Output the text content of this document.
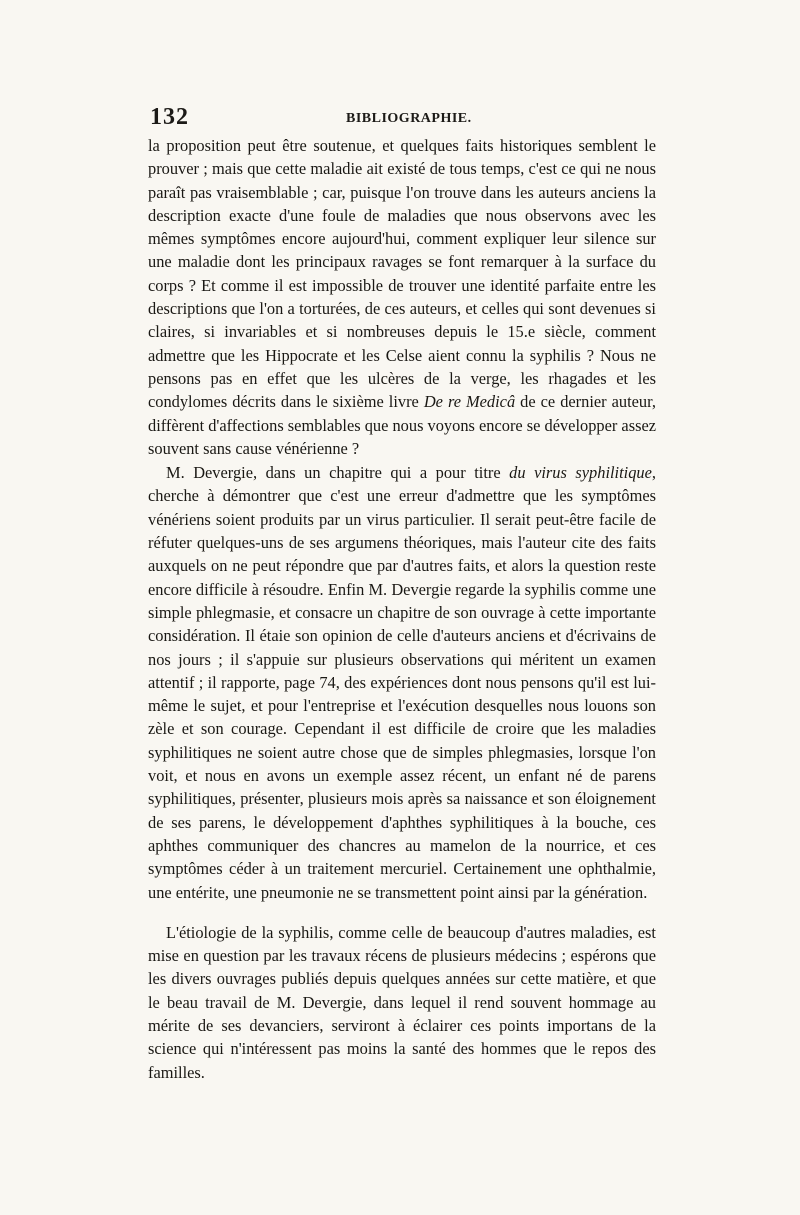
132	BIBLIOGRAPHIE.

la proposition peut être soutenue, et quelques faits historiques semblent le prouver ; mais que cette maladie ait existé de tous temps, c'est ce qui ne nous paraît pas vraisemblable ; car, puisque l'on trouve dans les auteurs anciens la description exacte d'une foule de maladies que nous observons avec les mêmes symptômes encore aujourd'hui, comment expliquer leur silence sur une maladie dont les principaux ravages se font remarquer à la surface du corps ? Et comme il est impossible de trouver une identité parfaite entre les descriptions que l'on a torturées, de ces auteurs, et celles qui sont devenues si claires, si invariables et si nombreuses depuis le 15.e siècle, comment admettre que les Hippocrate et les Celse aient connu la syphilis ? Nous ne pensons pas en effet que les ulcères de la verge, les rhagades et les condylomes décrits dans le sixième livre De re Medicâ de ce dernier auteur, diffèrent d'affections semblables que nous voyons encore se développer assez souvent sans cause vénérienne ?

M. Devergie, dans un chapitre qui a pour titre du virus syphilitique, cherche à démontrer que c'est une erreur d'admettre que les symptômes vénériens soient produits par un virus particulier. Il serait peut-être facile de réfuter quelques-uns de ses argumens théoriques, mais l'auteur cite des faits auxquels on ne peut répondre que par d'autres faits, et alors la question reste encore difficile à résoudre. Enfin M. Devergie regarde la syphilis comme une simple phlegmasie, et consacre un chapitre de son ouvrage à cette importante considération. Il étaie son opinion de celle d'auteurs anciens et d'écrivains de nos jours ; il s'appuie sur plusieurs observations qui méritent un examen attentif ; il rapporte, page 74, des expériences dont nous pensons qu'il est lui-même le sujet, et pour l'entreprise et l'exécution desquelles nous louons son zèle et son courage. Cependant il est difficile de croire que les maladies syphilitiques ne soient autre chose que de simples phlegmasies, lorsque l'on voit, et nous en avons un exemple assez récent, un enfant né de parens syphilitiques, présenter, plusieurs mois après sa naissance et son éloignement de ses parens, le développement d'aphthes syphilitiques à la bouche, ces aphthes communiquer des chancres au mamelon de la nourrice, et ces symptômes céder à un traitement mercuriel. Certainement une ophthalmie, une entérite, une pneumonie ne se transmettent point ainsi par la génération.

L'étiologie de la syphilis, comme celle de beaucoup d'autres maladies, est mise en question par les travaux récens de plusieurs médecins ; espérons que les divers ouvrages publiés depuis quelques années sur cette matière, et que le beau travail de M. Devergie, dans lequel il rend souvent hommage au mérite de ses devanciers, serviront à éclairer ces points importans de la science qui n'intéressent pas moins la santé des hommes que le repos des familles.
